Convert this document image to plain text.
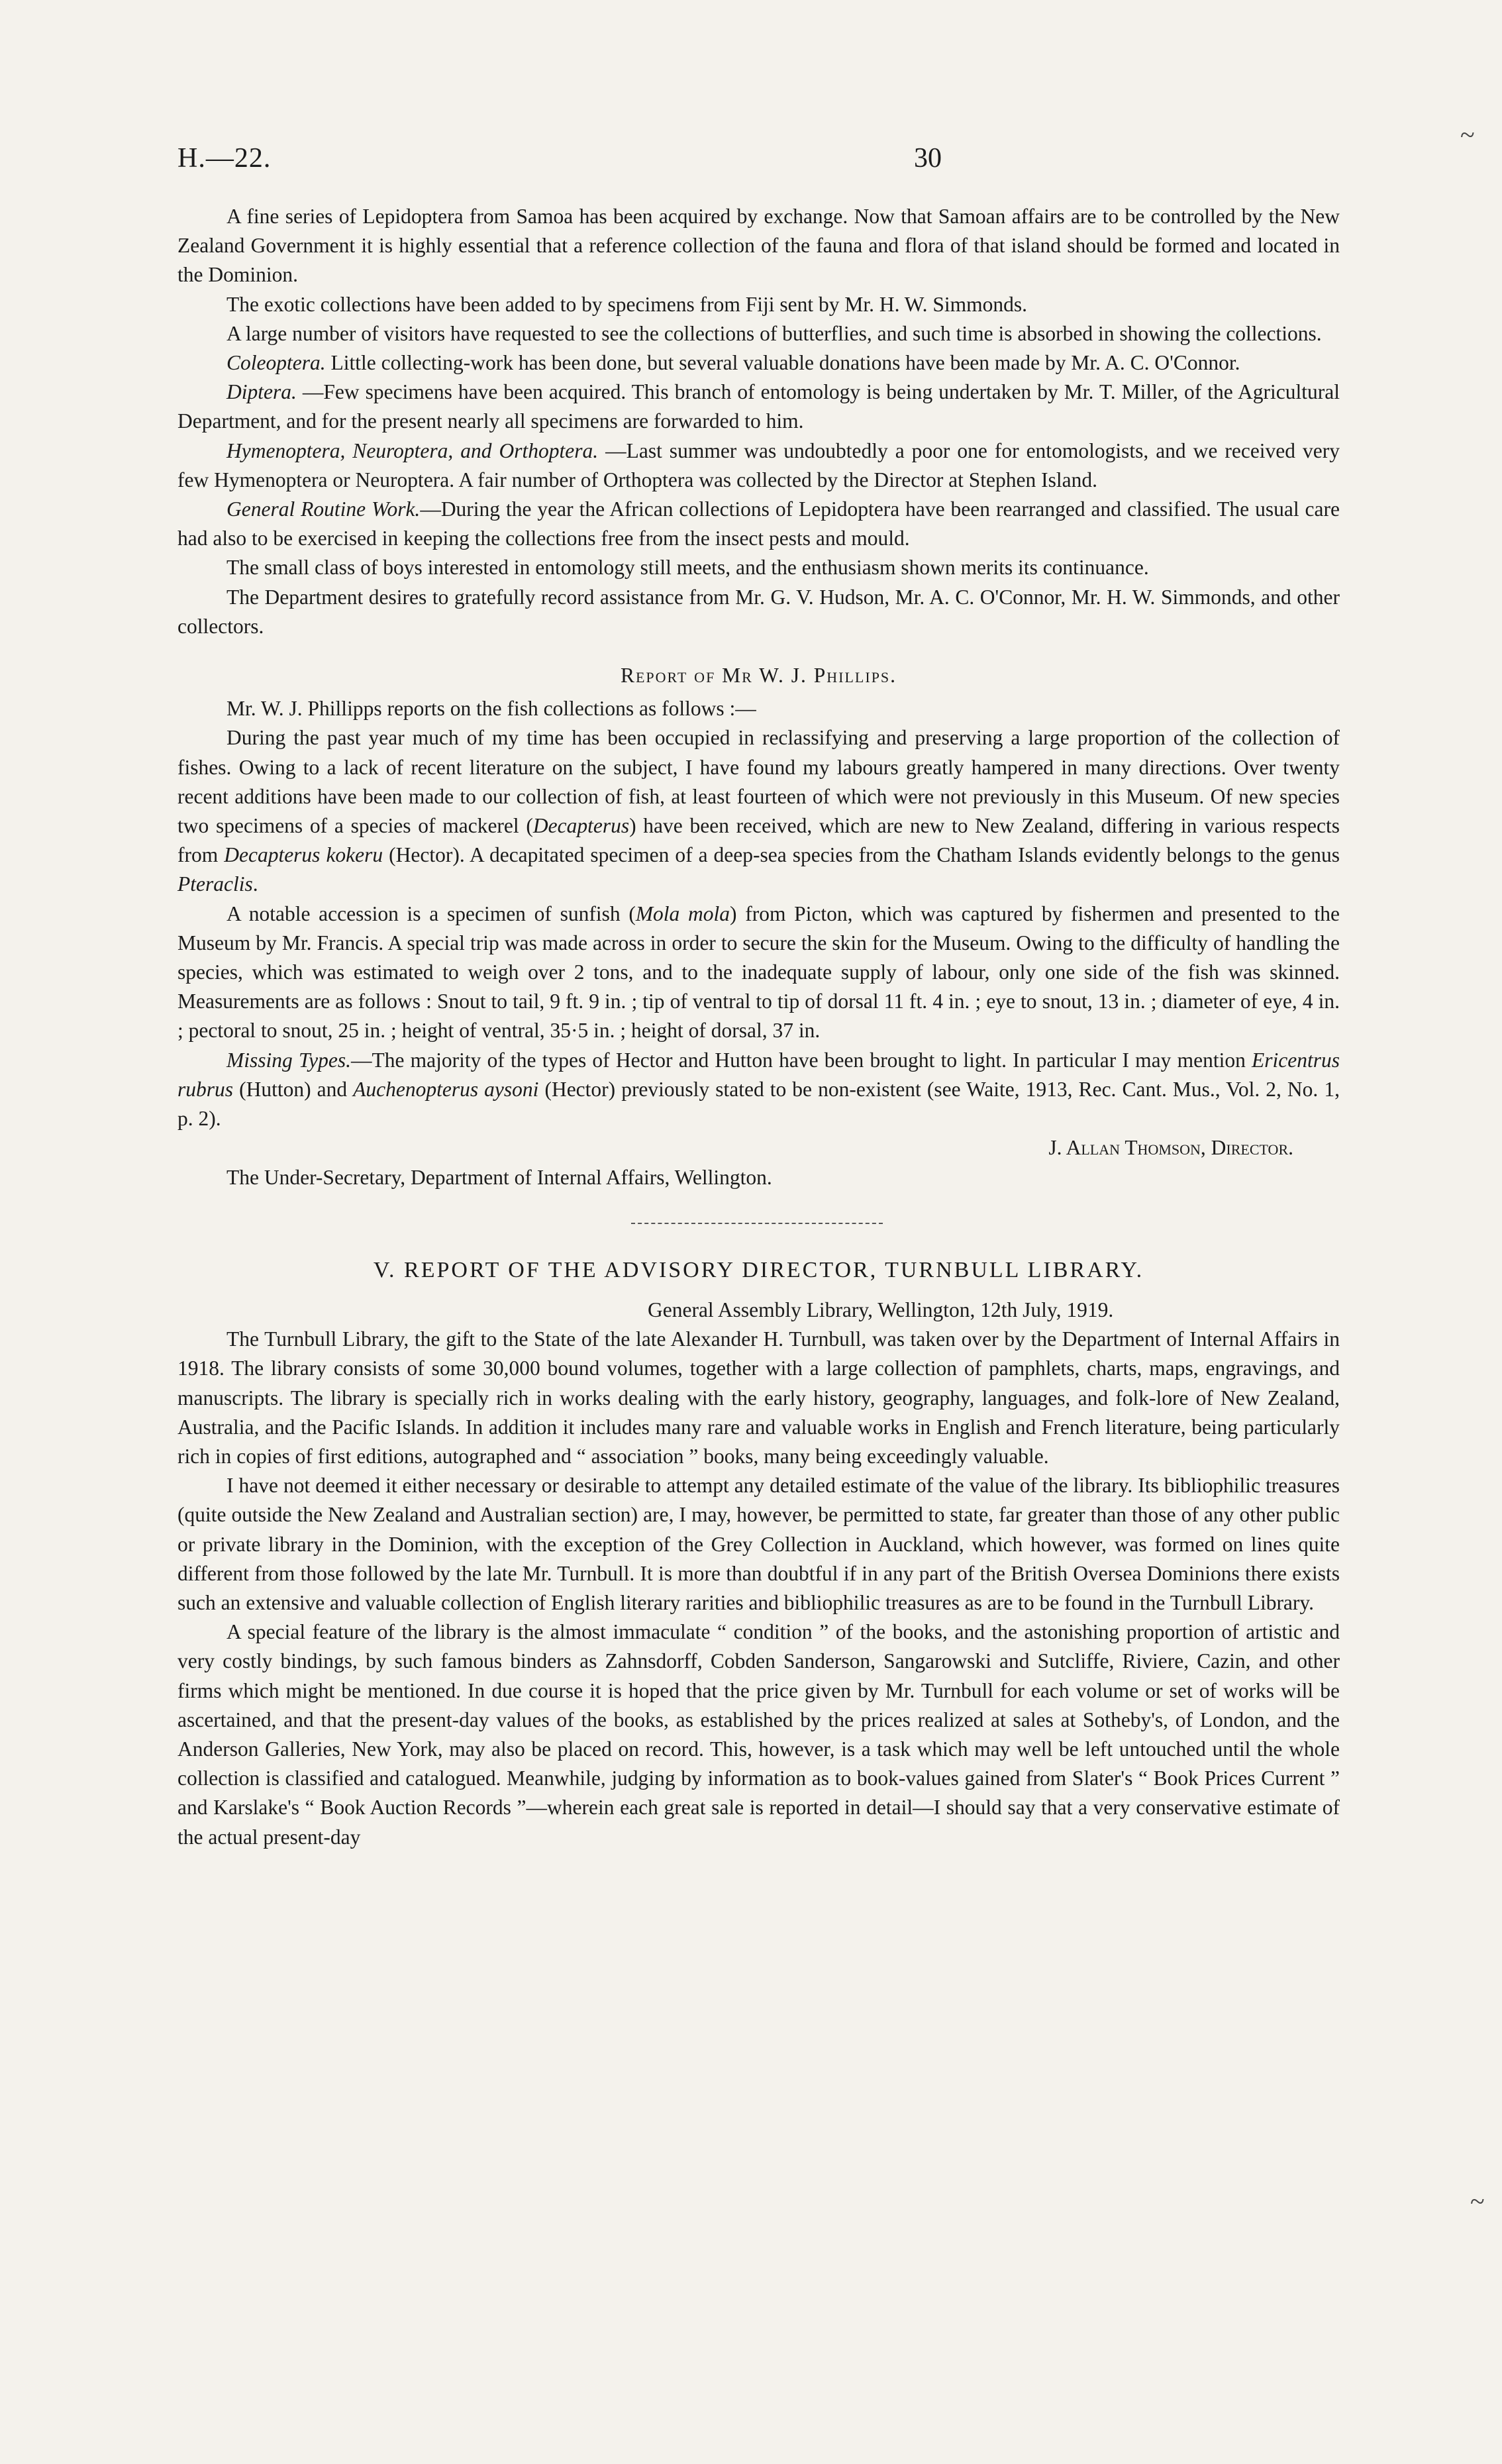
~
~
H.—22.	30

A fine series of Lepidoptera from Samoa has been acquired by exchange. Now that Samoan affairs are to be controlled by the New Zealand Government it is highly essential that a reference collection of the fauna and flora of that island should be formed and located in the Dominion.

The exotic collections have been added to by specimens from Fiji sent by Mr. H. W. Simmonds.

A large number of visitors have requested to see the collections of butterflies, and such time is absorbed in showing the collections.

Coleoptera. Little collecting-work has been done, but several valuable donations have been made by Mr. A. C. O'Connor.

Diptera. —Few specimens have been acquired. This branch of entomology is being undertaken by Mr. T. Miller, of the Agricultural Department, and for the present nearly all specimens are forwarded to him.

Hymenoptera, Neuroptera, and Orthoptera. —Last summer was undoubtedly a poor one for entomologists, and we received very few Hymenoptera or Neuroptera. A fair number of Orthoptera was collected by the Director at Stephen Island.

General Routine Work.—During the year the African collections of Lepidoptera have been rearranged and classified. The usual care had also to be exercised in keeping the collections free from the insect pests and mould.

The small class of boys interested in entomology still meets, and the enthusiasm shown merits its continuance.

The Department desires to gratefully record assistance from Mr. G. V. Hudson, Mr. A. C. O'Connor, Mr. H. W. Simmonds, and other collectors.

Report of Mr W. J. Phillips.

Mr. W. J. Phillipps reports on the fish collections as follows :—

During the past year much of my time has been occupied in reclassifying and preserving a large proportion of the collection of fishes. Owing to a lack of recent literature on the subject, I have found my labours greatly hampered in many directions. Over twenty recent additions have been made to our collection of fish, at least fourteen of which were not previously in this Museum. Of new species two specimens of a species of mackerel (Decapterus) have been received, which are new to New Zealand, differing in various respects from Decapterus kokeru (Hector). A decapitated specimen of a deep-sea species from the Chatham Islands evidently belongs to the genus Pteraclis.

A notable accession is a specimen of sunfish (Mola mola) from Picton, which was captured by fishermen and presented to the Museum by Mr. Francis. A special trip was made across in order to secure the skin for the Museum. Owing to the difficulty of handling the species, which was estimated to weigh over 2 tons, and to the inadequate supply of labour, only one side of the fish was skinned. Measurements are as follows : Snout to tail, 9 ft. 9 in. ; tip of ventral to tip of dorsal 11 ft. 4 in. ; eye to snout, 13 in. ; diameter of eye, 4 in. ; pectoral to snout, 25 in. ; height of ventral, 35·5 in. ; height of dorsal, 37 in.

Missing Types.—The majority of the types of Hector and Hutton have been brought to light. In particular I may mention Ericentrus rubrus (Hutton) and Auchenopterus aysoni (Hector) previously stated to be non-existent (see Waite, 1913, Rec. Cant. Mus., Vol. 2, No. 1, p. 2).

J. Allan Thomson, Director.

The Under-Secretary, Department of Internal Affairs, Wellington.

V. REPORT OF THE ADVISORY DIRECTOR, TURNBULL LIBRARY.

General Assembly Library, Wellington, 12th July, 1919.

The Turnbull Library, the gift to the State of the late Alexander H. Turnbull, was taken over by the Department of Internal Affairs in 1918. The library consists of some 30,000 bound volumes, together with a large collection of pamphlets, charts, maps, engravings, and manuscripts. The library is specially rich in works dealing with the early history, geography, languages, and folk-lore of New Zealand, Australia, and the Pacific Islands. In addition it includes many rare and valuable works in English and French literature, being particularly rich in copies of first editions, autographed and “ association ” books, many being exceedingly valuable.

I have not deemed it either necessary or desirable to attempt any detailed estimate of the value of the library. Its bibliophilic treasures (quite outside the New Zealand and Australian section) are, I may, however, be permitted to state, far greater than those of any other public or private library in the Dominion, with the exception of the Grey Collection in Auckland, which however, was formed on lines quite different from those followed by the late Mr. Turnbull. It is more than doubtful if in any part of the British Oversea Dominions there exists such an extensive and valuable collection of English literary rarities and bibliophilic treasures as are to be found in the Turnbull Library.

A special feature of the library is the almost immaculate “ condition ” of the books, and the astonishing proportion of artistic and very costly bindings, by such famous binders as Zahnsdorff, Cobden Sanderson, Sangarowski and Sutcliffe, Riviere, Cazin, and other firms which might be mentioned. In due course it is hoped that the price given by Mr. Turnbull for each volume or set of works will be ascertained, and that the present-day values of the books, as established by the prices realized at sales at Sotheby's, of London, and the Anderson Galleries, New York, may also be placed on record. This, however, is a task which may well be left untouched until the whole collection is classified and catalogued. Meanwhile, judging by information as to book-values gained from Slater's “ Book Prices Current ” and Karslake's “ Book Auction Records ”—wherein each great sale is reported in detail—I should say that a very conservative estimate of the actual present-day
